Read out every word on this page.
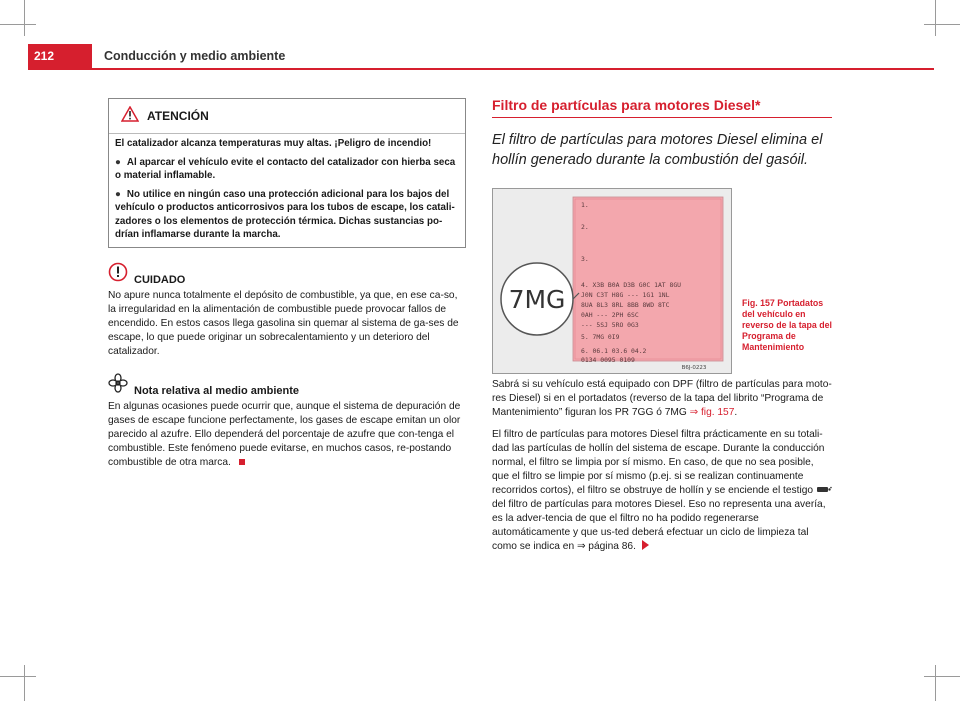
212	Conducción y medio ambiente
ATENCIÓN

El catalizador alcanza temperaturas muy altas. ¡Peligro de incendio!

● Al aparcar el vehículo evite el contacto del catalizador con hierba seca o material inflamable.

● No utilice en ningún caso una protección adicional para los bajos del vehículo o productos anticorrosivos para los tubos de escape, los catali-zadores o los elementos de protección térmica. Dichas sustancias po-drían inflamarse durante la marcha.

CUIDADO

No apure nunca totalmente el depósito de combustible, ya que, en ese ca-so, la irregularidad en la alimentación de combustible puede provocar fallos de encendido. En estos casos llega gasolina sin quemar al sistema de ga-ses de escape, lo que puede originar un sobrecalentamiento y un deterioro del catalizador.

Nota relativa al medio ambiente

En algunas ocasiones puede ocurrir que, aunque el sistema de depuración de gases de escape funcione perfectamente, los gases de escape emitan un olor parecido al azufre. Ello dependerá del porcentaje de azufre que con-tenga el combustible. Este fenómeno puede evitarse, en muchos casos, re-postando combustible de otra marca.

Filtro de partículas para motores Diesel*
El filtro de partículas para motores Diesel elimina el hollín generado durante la combustión del gasóil.
1.
2.
3.
4. X3B B0A D3B G0C 1AT 8GU
J0N C3T H8G --- 1G1 1NL
8UA 8L3 8RL 8BB 8WD 8TC
0AH --- 2PH 6SC
--- 5SJ 5RO 0G3
5. 7MG 0I9
6. 06.1 03.6 04.2
0134 0095 0109
7MG
B6J-0223
Fig. 157 Portadatos del vehículo en reverso de la tapa del Programa de Mantenimiento

Sabrá si su vehículo está equipado con DPF (filtro de partículas para moto-res Diesel) si en el portadatos (reverso de la tapa del librito “Programa de Mantenimiento” figuran los PR 7GG ó 7MG ⇒ fig. 157.

El filtro de partículas para motores Diesel filtra prácticamente en su totali-dad las partículas de hollín del sistema de escape. Durante la conducción normal, el filtro se limpia por sí mismo. En caso, de que no sea posible, que el filtro se limpie por sí mismo (p.ej. si se realizan continuamente recorridos cortos), el filtro se obstruye de hollín y se enciende el testigo  del filtro de partículas para motores Diesel. Eso no representa una avería, es la adver-tencia de que el filtro no ha podido regenerarse automáticamente y que us-ted deberá efectuar un ciclo de limpieza tal como se indica en ⇒ página 86.
